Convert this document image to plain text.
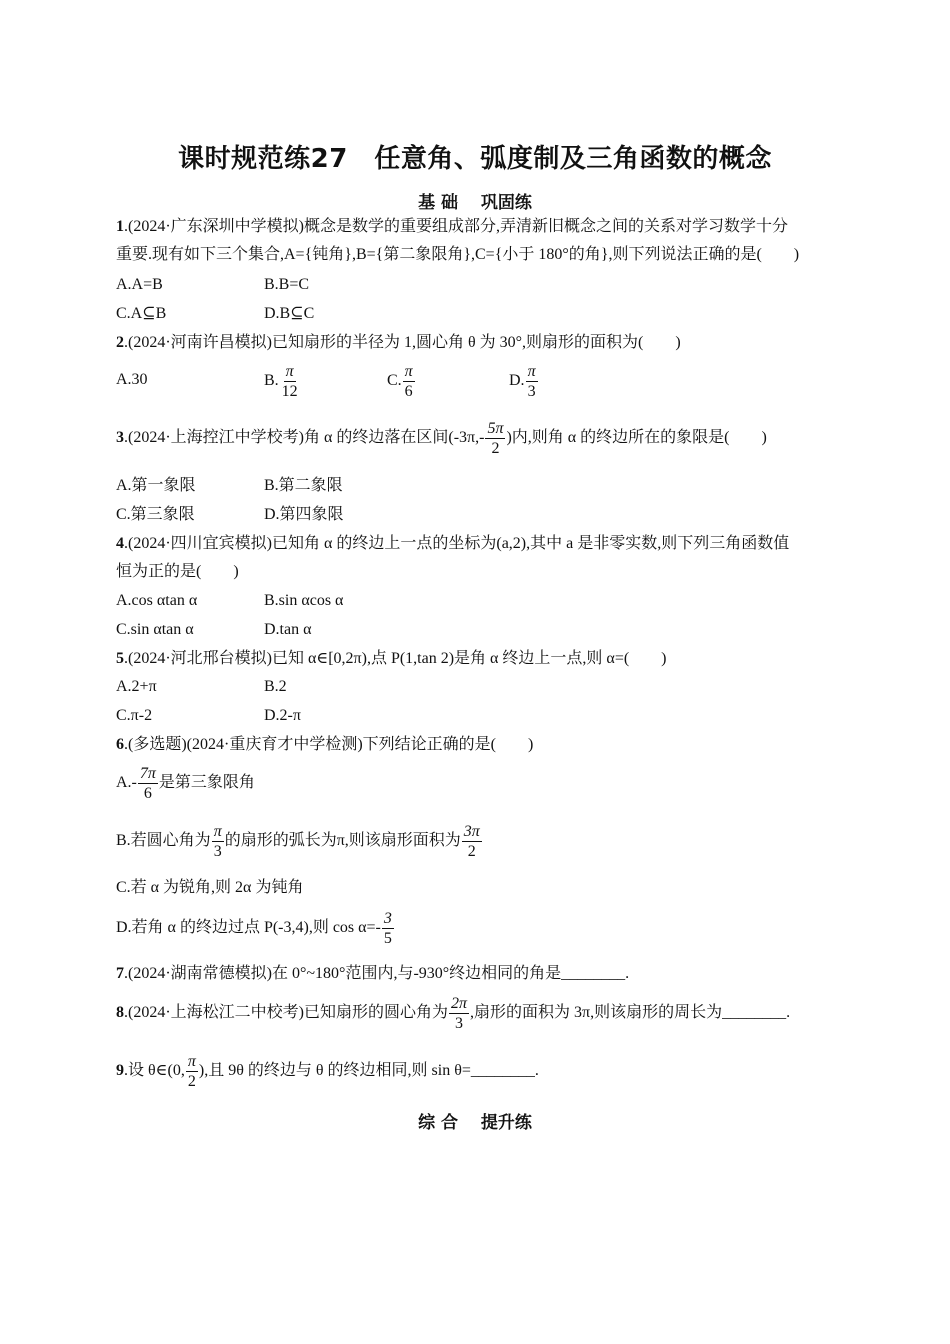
课时规范练27　任意角、弧度制及三角函数的概念
基 础　 巩固练
1.(2024·广东深圳中学模拟)概念是数学的重要组成部分,弄清新旧概念之间的关系对学习数学十分
重要.现有如下三个集合,A={钝角},B={第二象限角},C={小于 180°的角},则下列说法正确的是(　　)
A.A=B	B.B=C
C.A⊆B	D.B⊆C
2.(2024·河南许昌模拟)已知扇形的半径为 1,圆心角 θ 为 30°,则扇形的面积为(　　)
A.30	B. $\frac{\pi}{12}$	C. $\frac{\pi}{6}$	D. $\frac{\pi}{3}$
3.(2024·上海控江中学校考)角 α 的终边落在区间($-3\pi,- \frac{5\pi}{2}$ )内,则角 α 的终边所在的象限是(　　)
A.第一象限	B.第二象限
C.第三象限	D.第四象限
4.(2024·四川宜宾模拟)已知角 α 的终边上一点的坐标为(a,2),其中 a 是非零实数,则下列三角函数值
恒为正的是(　　)
A.cos αtan α	B.sin αcos α
C.sin αtan α	D.tan α
5.(2024·河北邢台模拟)已知 α∈[0,2π),点 P(1,tan 2)是角 α 终边上一点,则 α=(　　)
A.2+π	B.2
C.π-2	D.2-π
6.(多选题)(2024·重庆育才中学检测)下列结论正确的是(　　)
$A.- \frac{7\pi}{6}$ 是第三象限角
B.若圆心角为 $\frac{\pi}{3}$ 的扇形的弧长为π,则该扇形面积为 $\frac{3\pi}{2}$
C.若 α 为锐角,则 2α 为钝角
D.若角 α 的终边过点 P(-3,4),则 $\cos \alpha=- \frac{3}{5}$
7.(2024·湖南常德模拟)在 0°~180°范围内,与-930°终边相同的角是________.
8.(2024·上海松江二中校考)已知扇形的圆心角为 $\frac{2\pi}{3}$ ,扇形的面积为 3π,则该扇形的周长为________.
9.设 θ∈(0, $\frac{\pi}{2}$ ),且 9θ 的终边与 θ 的终边相同,则 sin θ=________.
综 合　 提升练
